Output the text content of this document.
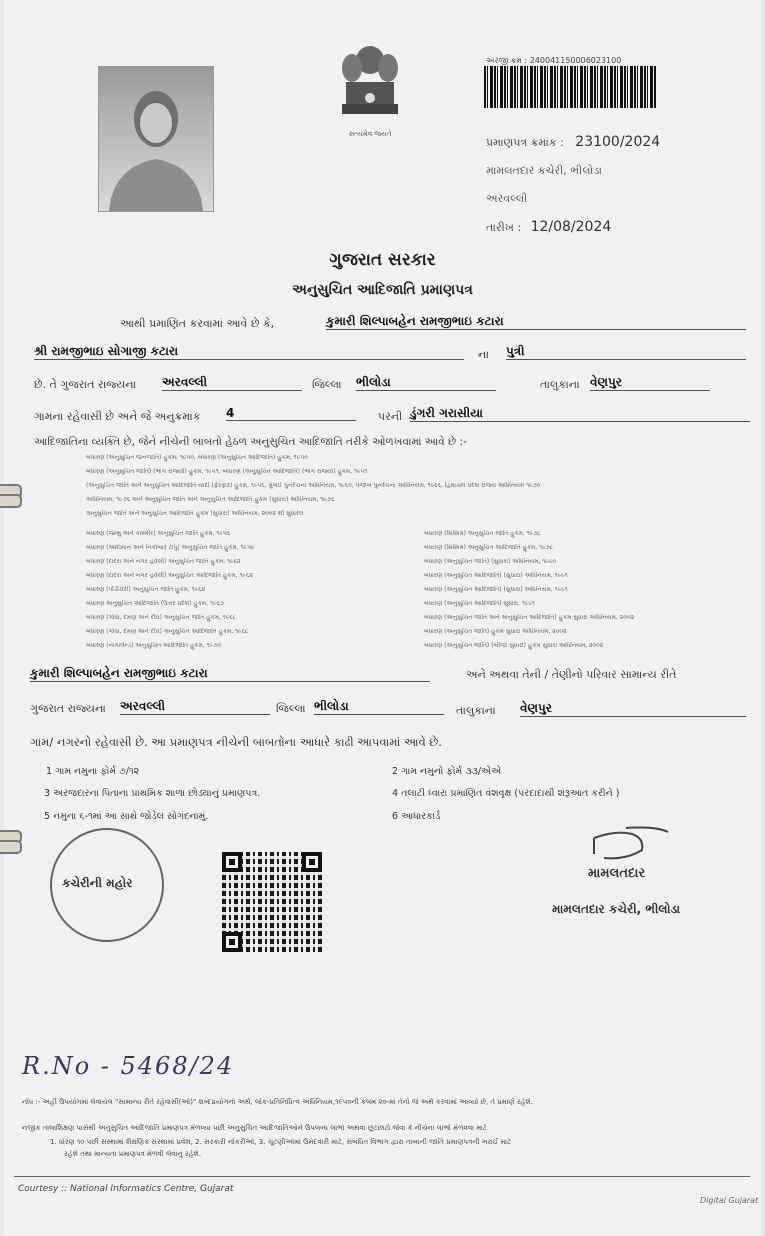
સત્યમેવ જયતે
અરજી ક્રમ : 240041150006023100
પ્રમાણપત્ર ક્રમાંક : 23100/2024
મામલતદાર કચેરી, ભીલોડા
અરવલ્લી
તારીખ : 12/08/2024
ગુજરાત સરકાર
અનુસુચિત આદિજાતિ પ્રમાણપત્ર
આથી પ્રમાણિત કરવામાં આવે છે કે,	કુમારી શિલ્પાબહેન રામજીભાઇ કટારા
શ્રી રામજીભાઇ સોગાજી કટારા	ના પુત્રી
છે. તે ગુજરાત રાજ્યના અરવલ્લી	જિલ્લા ભીલોડા	તાલુકાના વેણપુર
ગામના રહેવાસી છે અને જે અનુક્રમાંક 4	પરની ડુંગરી ગરાસીયા
આદિજાતિના વ્યક્તિ છે, જેને નીચેની બાબતો હેઠળ અનુસુચિત આદિજાતિ તરીકે ઓળખવામાં આવે છે :-
બંધારણ (અનુસુચિત જનજાતિ) હુકમ, ૧૯૫૦, બંધારણ (અનુસુચિત આદિજાતિ) હુકમ, ૧૯૫૦
બંધારણ (અનુસુચિત જાતિ) (ભાગ રાજ્યો) હુકમ, ૧૯૫૧, બંધારણ (અનુસુચિત આદિજાતિ) (ભાગ રાજ્યો) હુકમ, ૧૯૫૧
(અનુસુચિત જાતિ અને અનુસુચિત આદિજાતિ યાદી (ફેરફાર) હુકમ, ૧૯૫૬, મુંબઈ પુનર્રચના અધિનિયમ, ૧૯૬૦, પંજાબ પુનર્રચના અધિનિયમ, ૧૯૬૬, હિમાચલ પ્રદેશ રાજ્ય અધિનિયમ ૧૯૭૦
અધિનિયમ, ૧૯૭૬ અને અનુસુચિત જાતિ અને અનુસુચિત આદિજાતિ હુકમ (સુધારા) અધિનિયમ, ૧૯૭૬
અનુસુચિત જાતિ અને અનુસુચિત આદિજાતિ હુકમ (સુધારા) અધિનિયમ, ૨૦૦૨ થી સુધારેલ
બંધારણ (જમ્મુ અને કાશ્મીર) અનુસુચિત જાતિ હુકમ, ૧૯૫૬
બંધારણ (આંદામાન અને નિકોબાર ટાપુ) અનુસુચિત જાતિ હુકમ, ૧૯૫૯
બંધારણ (દાદરા અને નગર હવેલી) અનુસુચિત જાતિ હુકમ, ૧૯૬૨
બંધારણ (દાદરા અને નગર હવેલી) અનુસુચિત આદિજાતિ હુકમ, ૧૯૬૨
બંધારણ (પોંડીચેરી) અનુસુચિત જાતિ હુકમ, ૧૯૬૪
બંધારણ અનુસુચિત આદિજાતિ (ઉત્તર પ્રદેશ) હુકમ, ૧૯૬૭
બંધારણ (ગોવા, દમણ અને દીવ) અનુસુચિત જાતિ હુકમ, ૧૯૬૮
બંધારણ (ગોવા, દમણ અને દીવ) અનુસુચિત આદિજાતિ હુકમ, ૧૯૬૮
બંધારણ (નાગાલેન્ડ) અનુસુચિત આદિજાતિ હુકમ, ૧૯૭૦
બંધારણ (સિક્કિમ) અનુસુચિત જાતિ હુકમ, ૧૯૭૮
બંધારણ (સિક્કિમ) અનુસુચિત આદિજાતિ હુકમ, ૧૯૭૮
બંધારણ (અનુસુચિત જાતિ) (સુધારા) અધિનિયમ, ૧૯૯૦
બંધારણ (અનુસુચિત આદિજાતિ) (સુધારા) અધિનિયમ, ૧૯૯૧
બંધારણ (અનુસુચિત આદિજાતિ) (સુધારા) અધિનિયમ, ૧૯૯૧
બંધારણ (અનુસુચિત આદિજાતિ) સુધારા, ૧૯૯૧
બંધારણ (અનુસુચિત જાતિ અને અનુસુચિત આદિજાતિ) હુકમ સુધારા અધિનિયમ, ૨૦૦૨
બંધારણ (અનુસુચિત જાતિ) હુકમ સુધારા અધિનિયમ, ૨૦૦૨
બંધારણ (અનુસુચિત જાતિ) (બીજો સુધારો) હુકમ સુધારા અધિનિયમ, ૨૦૦૨
કુમારી શિલ્પાબહેન રામજીભાઇ કટારા	અને અથવા તેની / તેણીનો પરિવાર સામાન્ય રીતે
ગુજરાત રાજ્યના અરવલ્લી	જિલ્લા ભીલોડા	તાલુકાના વેણપુર
ગામ/ નગરનો રહેવાસી છે. આ પ્રમાણપત્ર નીચેની બાબતોના આધારે કાઢી આપવામાં આવે છે.
1 ગામ નમુના ફોર્મ ૭/૧૨	2 ગામ નમુનો ફોર્મ ૩૩/એએ
3 અરજદારના પિતાના પ્રાથમિક શાળા છોડ્યાનું પ્રમાણપત્ર.	4 તલાટી ધ્વારા પ્રમાણિત વંશવૃક્ષ (પરદાદાથી શરૂઆત કરીને )
5 નમુના ૬-૧માં આ સાથે જોડેલ સોગંદનામું.	6 આધારકાર્ડ
કચેરીની મહોર
મામલતદાર
મામલતદાર કચેરી, ભીલોડા
R.No - 5468/24
નોંધ :- અહીં ઉપયોગમાં લેવાયેલ "સામાન્ય રીતે રહેવાસી(ઓ)" શબ્દપ્રયોગનો અર્થ, લોક-પ્રતિનિધિત્વ અધિનિયમ,૧૯૫૦ની કલમ ૨૦-માં તેનો જે અર્થ કરવામાં આવ્યો છે, તે પ્રમાણે રહેશે.
નજીક તાલાશિક્ષણ પાસેથી અનુસુચિત આદિજાતિ પ્રમાણપત્ર મેળવ્યા પછી અનુસુચિત આદિજાતિઓને ઉપલબ્ધ લાભો અથવા છૂટછાટો જેવા કે નીચેના લાભો મેળવવા માટે
1. ધોરણ ૧૦ પછી સંસ્થામાં શૈક્ષણિક સંસ્થામાં પ્રવેશ, 2. સરકારી નોકરીઓ, 3. ચૂંટણીઓમાં ઉમેદવારી માટે, સંબંધિત વિભાગ દ્વારા તાબાની જાતિ પ્રમાણપત્રની ખરાઈ માટે
રહેશે તથા માન્યતા પ્રમાણપત્ર મેળવી લેવાનું રહેશે.
Courtesy :: National Informatics Centre, Gujarat
Digital Gujarat
